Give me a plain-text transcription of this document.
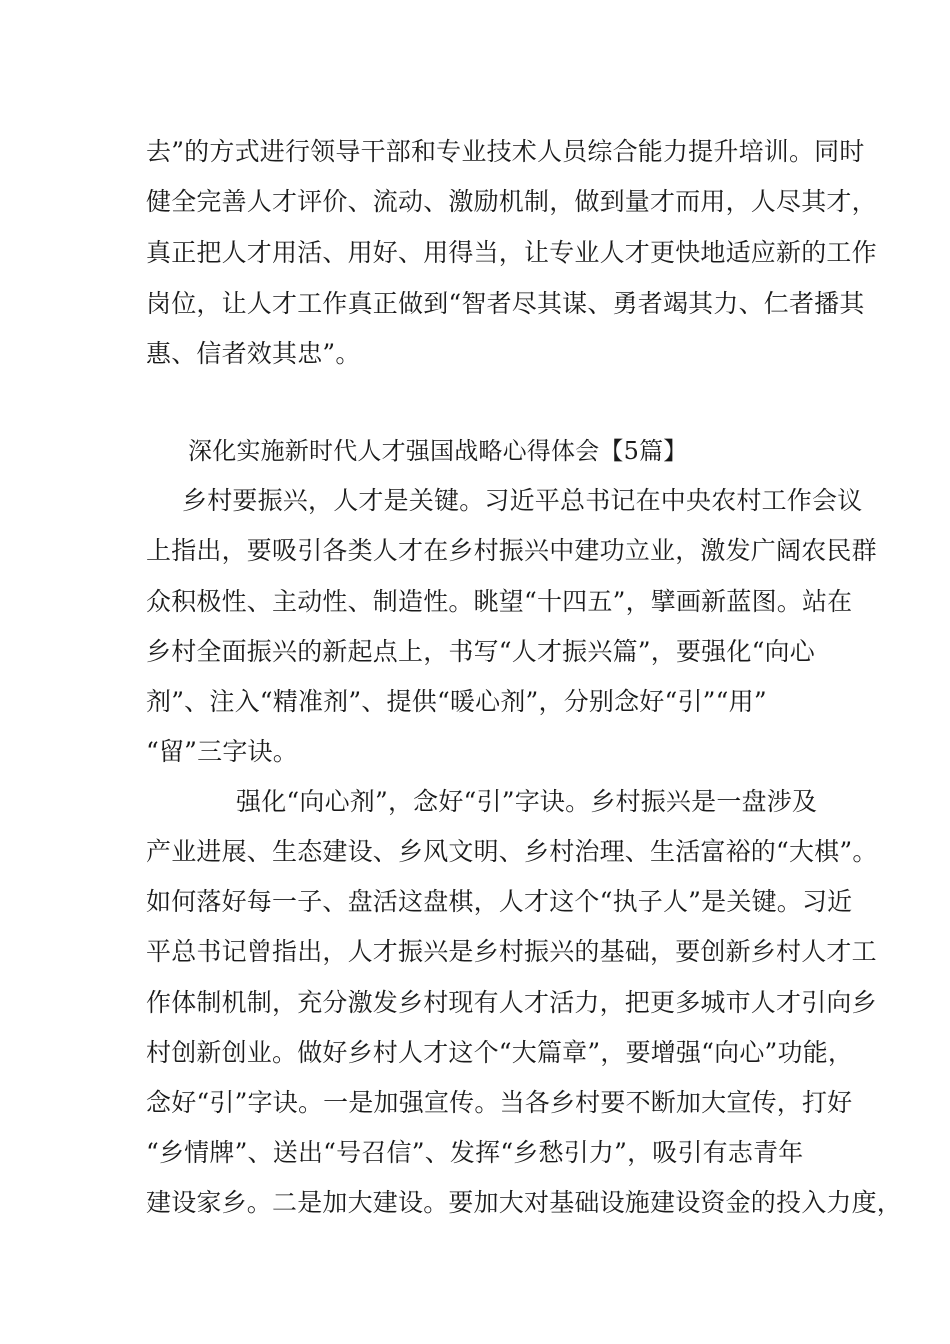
去”的方式进行领导干部和专业技术人员综合能力提升培训。同时
健全完善人才评价、流动、激励机制，做到量才而用，人尽其才，
真正把人才用活、用好、用得当，让专业人才更快地适应新的工作
岗位，让人才工作真正做到“智者尽其谋、勇者竭其力、仁者播其
惠、信者效其忠”。
深化实施新时代人才强国战略心得体会【5篇】
乡村要振兴，人才是关键。习近平总书记在中央农村工作会议
上指出，要吸引各类人才在乡村振兴中建功立业，激发广阔农民群
众积极性、主动性、制造性。眺望“十四五”，擘画新蓝图。站在
乡村全面振兴的新起点上，书写“人才振兴篇”，要强化“向心
剂”、注入“精准剂”、提供“暖心剂”，分别念好“引”“用”
“留”三字诀。
强化“向心剂”，念好“引”字诀。乡村振兴是一盘涉及
产业进展、生态建设、乡风文明、乡村治理、生活富裕的“大棋”。
如何落好每一子、盘活这盘棋，人才这个“执子人”是关键。习近
平总书记曾指出，人才振兴是乡村振兴的基础，要创新乡村人才工
作体制机制，充分激发乡村现有人才活力，把更多城市人才引向乡
村创新创业。做好乡村人才这个“大篇章”，要增强“向心”功能，
念好“引”字诀。一是加强宣传。当各乡村要不断加大宣传，打好
“乡情牌”、送出“号召信”、发挥“乡愁引力”，吸引有志青年
建设家乡。二是加大建设。要加大对基础设施建设资金的投入力度，
